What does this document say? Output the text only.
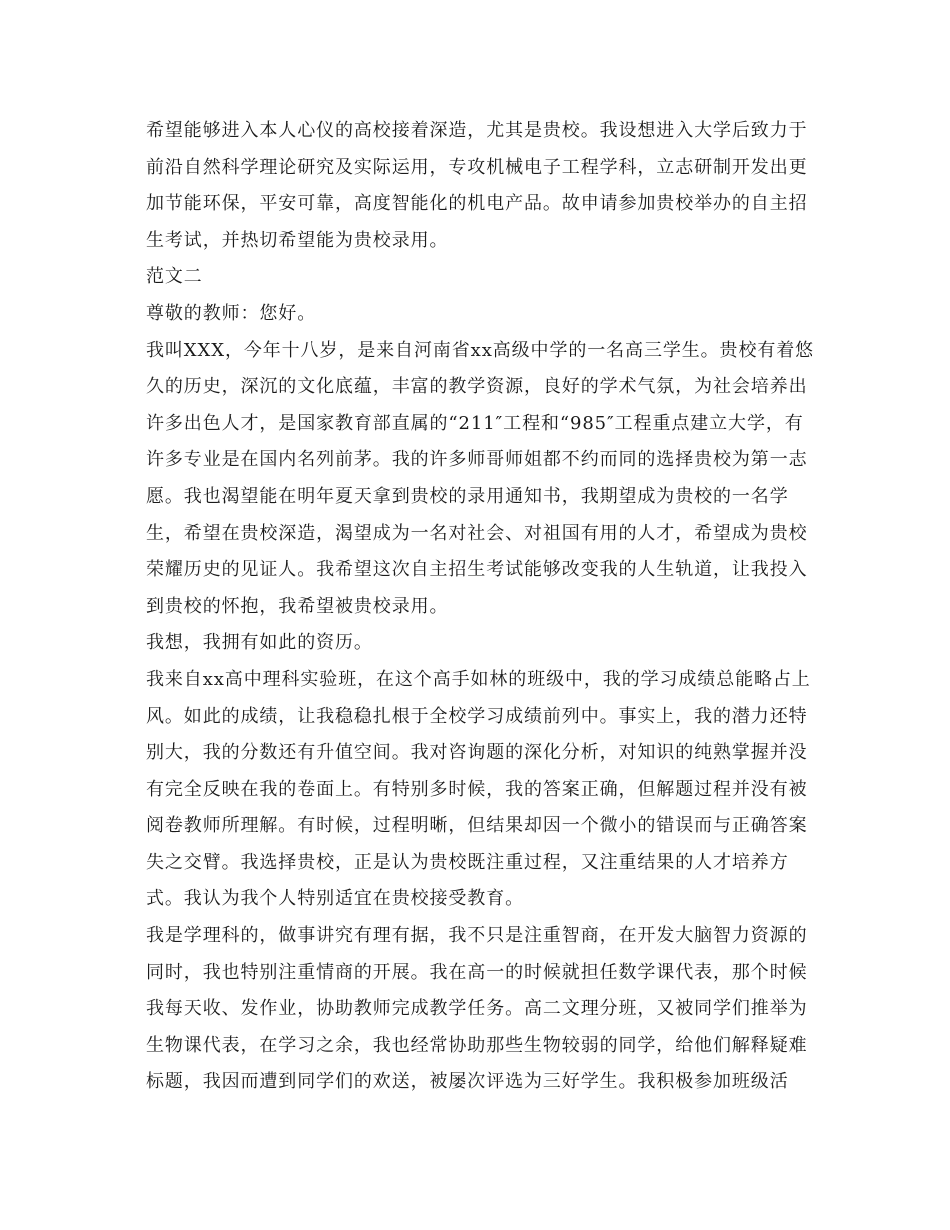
希望能够进入本人心仪的高校接着深造，尤其是贵校。我设想进入大学后致力于
前沿自然科学理论研究及实际运用，专攻机械电子工程学科，立志研制开发出更
加节能环保，平安可靠，高度智能化的机电产品。故申请参加贵校举办的自主招
生考试，并热切希望能为贵校录用。
范文二
尊敬的教师：您好。
我叫XXX，今年十八岁，是来自河南省xx高级中学的一名高三学生。贵校有着悠
久的历史，深沉的文化底蕴，丰富的教学资源，良好的学术气氛，为社会培养出
许多出色人才，是国家教育部直属的“211″工程和“985″工程重点建立大学，有
许多专业是在国内名列前茅。我的许多师哥师姐都不约而同的选择贵校为第一志
愿。我也渴望能在明年夏天拿到贵校的录用通知书，我期望成为贵校的一名学
生，希望在贵校深造，渴望成为一名对社会、对祖国有用的人才，希望成为贵校
荣耀历史的见证人。我希望这次自主招生考试能够改变我的人生轨道，让我投入
到贵校的怀抱，我希望被贵校录用。
我想，我拥有如此的资历。
我来自xx高中理科实验班，在这个高手如林的班级中，我的学习成绩总能略占上
风。如此的成绩，让我稳稳扎根于全校学习成绩前列中。事实上，我的潜力还特
别大，我的分数还有升值空间。我对咨询题的深化分析，对知识的纯熟掌握并没
有完全反映在我的卷面上。有特别多时候，我的答案正确，但解题过程并没有被
阅卷教师所理解。有时候，过程明晰，但结果却因一个微小的错误而与正确答案
失之交臂。我选择贵校，正是认为贵校既注重过程，又注重结果的人才培养方
式。我认为我个人特别适宜在贵校接受教育。
我是学理科的，做事讲究有理有据，我不只是注重智商，在开发大脑智力资源的
同时，我也特别注重情商的开展。我在高一的时候就担任数学课代表，那个时候
我每天收、发作业，协助教师完成教学任务。高二文理分班，又被同学们推举为
生物课代表，在学习之余，我也经常协助那些生物较弱的同学，给他们解释疑难
标题，我因而遭到同学们的欢送，被屡次评选为三好学生。我积极参加班级活
